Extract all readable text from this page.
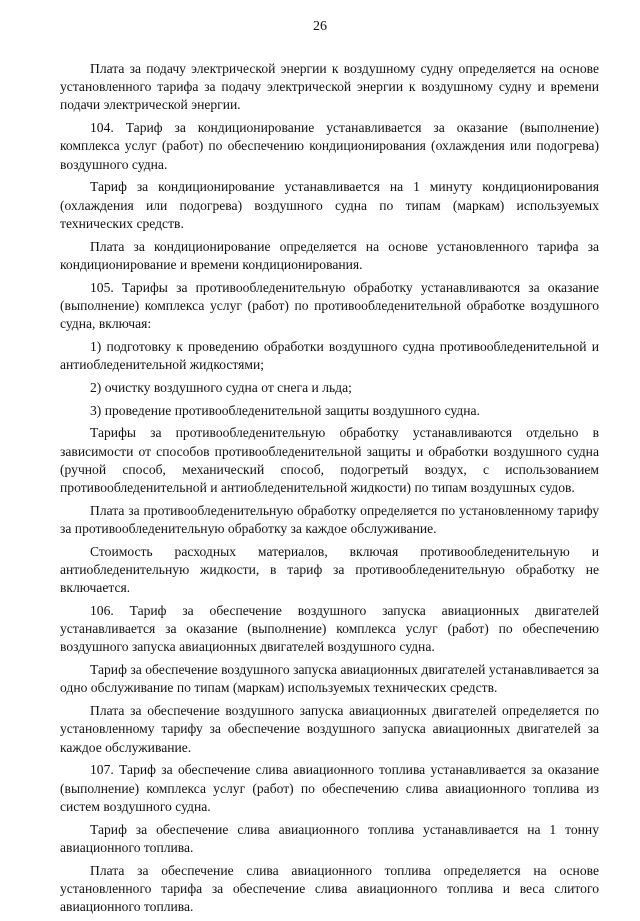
26

Плата за подачу электрической энергии к воздушному судну определяется на основе установленного тарифа за подачу электрической энергии к воздушному судну и времени подачи электрической энергии.

104. Тариф за кондиционирование устанавливается за оказание (выполнение) комплекса услуг (работ) по обеспечению кондиционирования (охлаждения или подогрева) воздушного судна.

Тариф за кондиционирование устанавливается на 1 минуту кондиционирования (охлаждения или подогрева) воздушного судна по типам (маркам) используемых технических средств.

Плата за кондиционирование определяется на основе установленного тарифа за кондиционирование и времени кондиционирования.

105. Тарифы за противообледенительную обработку устанавливаются за оказание (выполнение) комплекса услуг (работ) по противообледенительной обработке воздушного судна, включая:

1) подготовку к проведению обработки воздушного судна противообледенительной и антиобледенительной жидкостями;

2) очистку воздушного судна от снега и льда;

3) проведение противообледенительной защиты воздушного судна.

Тарифы за противообледенительную обработку устанавливаются отдельно в зависимости от способов противообледенительной защиты и обработки воздушного судна (ручной способ, механический способ, подогретый воздух, с использованием противообледенительной и антиобледенительной жидкости) по типам воздушных судов.

Плата за противообледенительную обработку определяется по установленному тарифу за противообледенительную обработку за каждое обслуживание.

Стоимость расходных материалов, включая противообледенительную и антиобледенительную жидкости, в тариф за противообледенительную обработку не включается.

106. Тариф за обеспечение воздушного запуска авиационных двигателей устанавливается за оказание (выполнение) комплекса услуг (работ) по обеспечению воздушного запуска авиационных двигателей воздушного судна.

Тариф за обеспечение воздушного запуска авиационных двигателей устанавливается за одно обслуживание по типам (маркам) используемых технических средств.

Плата за обеспечение воздушного запуска авиационных двигателей определяется по установленному тарифу за обеспечение воздушного запуска авиационных двигателей за каждое обслуживание.

107. Тариф за обеспечение слива авиационного топлива устанавливается за оказание (выполнение) комплекса услуг (работ) по обеспечению слива авиационного топлива из систем воздушного судна.

Тариф за обеспечение слива авиационного топлива устанавливается на 1 тонну авиационного топлива.

Плата за обеспечение слива авиационного топлива определяется на основе установленного тарифа за обеспечение слива авиационного топлива и веса слитого авиационного топлива.
